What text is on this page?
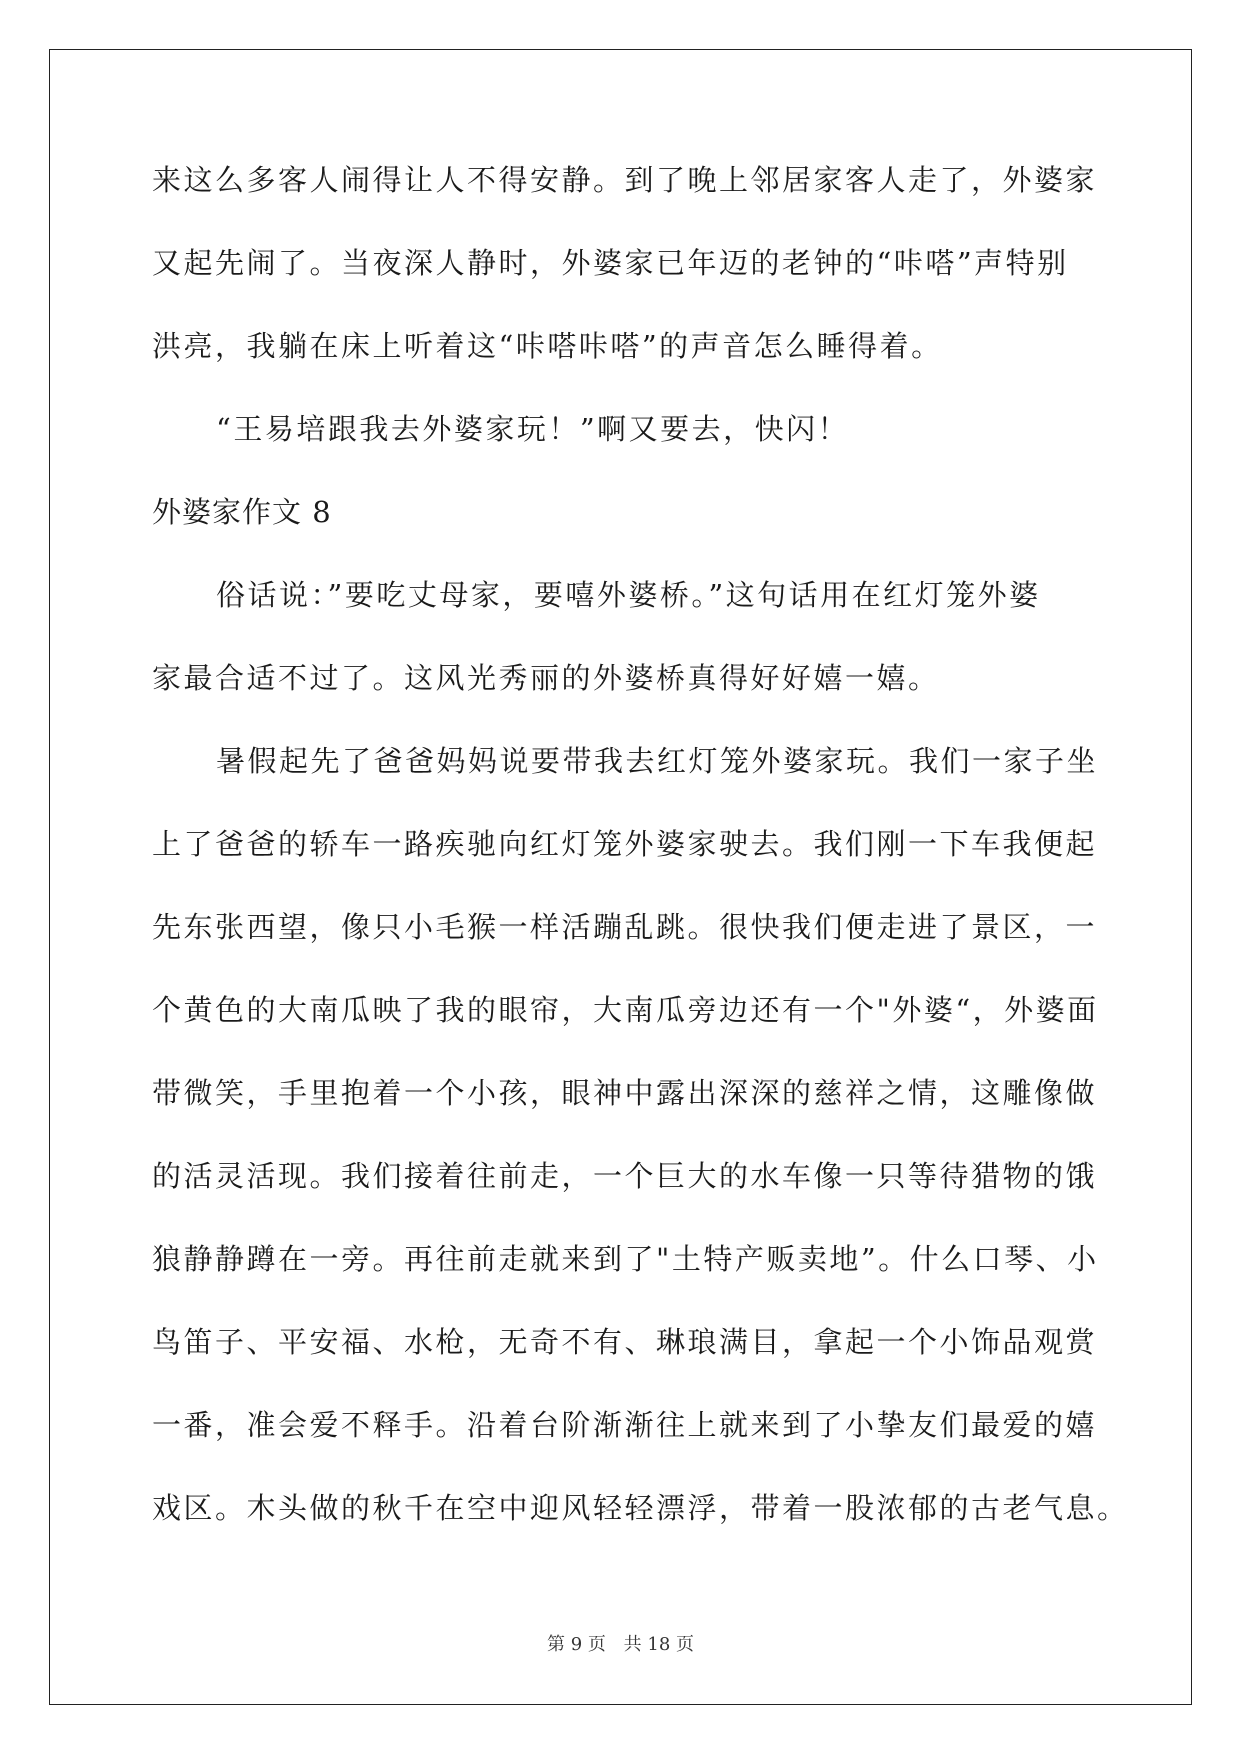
来这么多客人闹得让人不得安静。到了晚上邻居家客人走了，外婆家
又起先闹了。当夜深人静时，外婆家已年迈的老钟的“咔嗒”声特别
洪亮，我躺在床上听着这“咔嗒咔嗒”的声音怎么睡得着。
“王易培跟我去外婆家玩！”啊又要去，快闪！
外婆家作文 8
俗话说：”要吃丈母家，要嘻外婆桥。”这句话用在红灯笼外婆
家最合适不过了。这风光秀丽的外婆桥真得好好嬉一嬉。
暑假起先了爸爸妈妈说要带我去红灯笼外婆家玩。我们一家子坐
上了爸爸的轿车一路疾驰向红灯笼外婆家驶去。我们刚一下车我便起
先东张西望，像只小毛猴一样活蹦乱跳。很快我们便走进了景区，一
个黄色的大南瓜映了我的眼帘，大南瓜旁边还有一个"外婆“，外婆面
带微笑，手里抱着一个小孩，眼神中露出深深的慈祥之情，这雕像做
的活灵活现。我们接着往前走，一个巨大的水车像一只等待猎物的饿
狼静静蹲在一旁。再往前走就来到了"土特产贩卖地”。什么口琴、小
鸟笛子、平安福、水枪，无奇不有、琳琅满目，拿起一个小饰品观赏
一番，准会爱不释手。沿着台阶渐渐往上就来到了小挚友们最爱的嬉
戏区。木头做的秋千在空中迎风轻轻漂浮，带着一股浓郁的古老气息。
第 9 页 共 18 页
